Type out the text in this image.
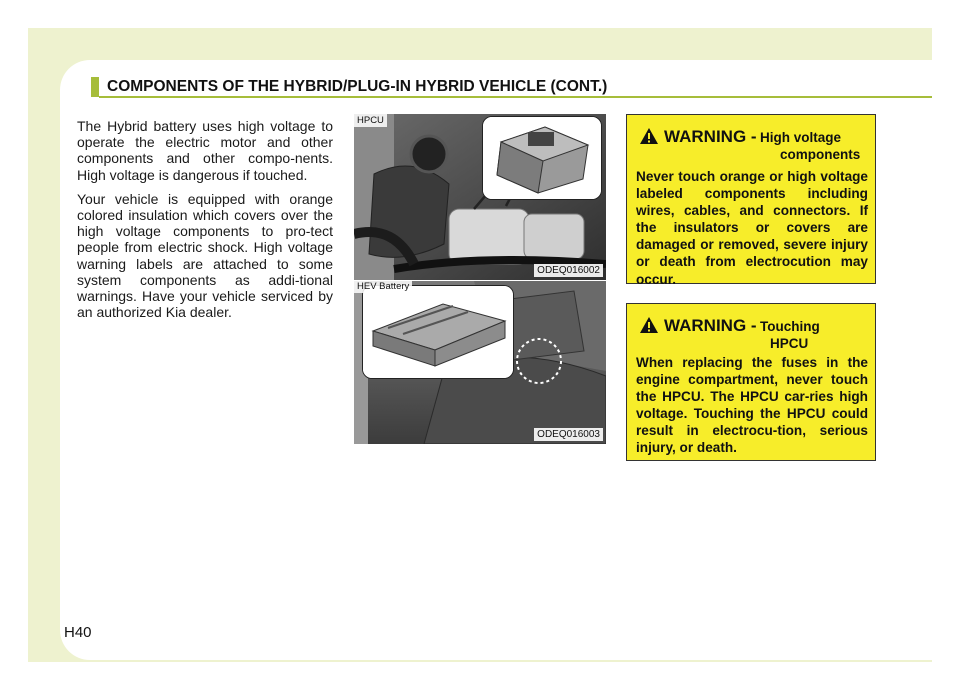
COMPONENTS OF THE HYBRID/PLUG-IN HYBRID VEHICLE (CONT.)

The Hybrid battery uses high voltage to operate the electric motor and other components and other compo-nents. High voltage is dangerous if touched.

Your vehicle is equipped with orange colored insulation which covers over the high voltage components to pro-tect people from electric shock. High voltage warning labels are attached to some system components as addi-tional warnings. Have your vehicle serviced by an authorized Kia dealer.

HPCU
ODEQ016002
HEV Battery
ODEQ016003
WARNING - High voltage
components
Never touch orange or high voltage labeled components including wires, cables, and connectors. If the insulators or covers are damaged or removed, severe injury or death from electrocution may occur.
WARNING - Touching
HPCU
When replacing the fuses in the engine compartment, never touch the HPCU. The HPCU car-ries high voltage. Touching the HPCU could result in electrocu-tion, serious injury, or death.
H40
